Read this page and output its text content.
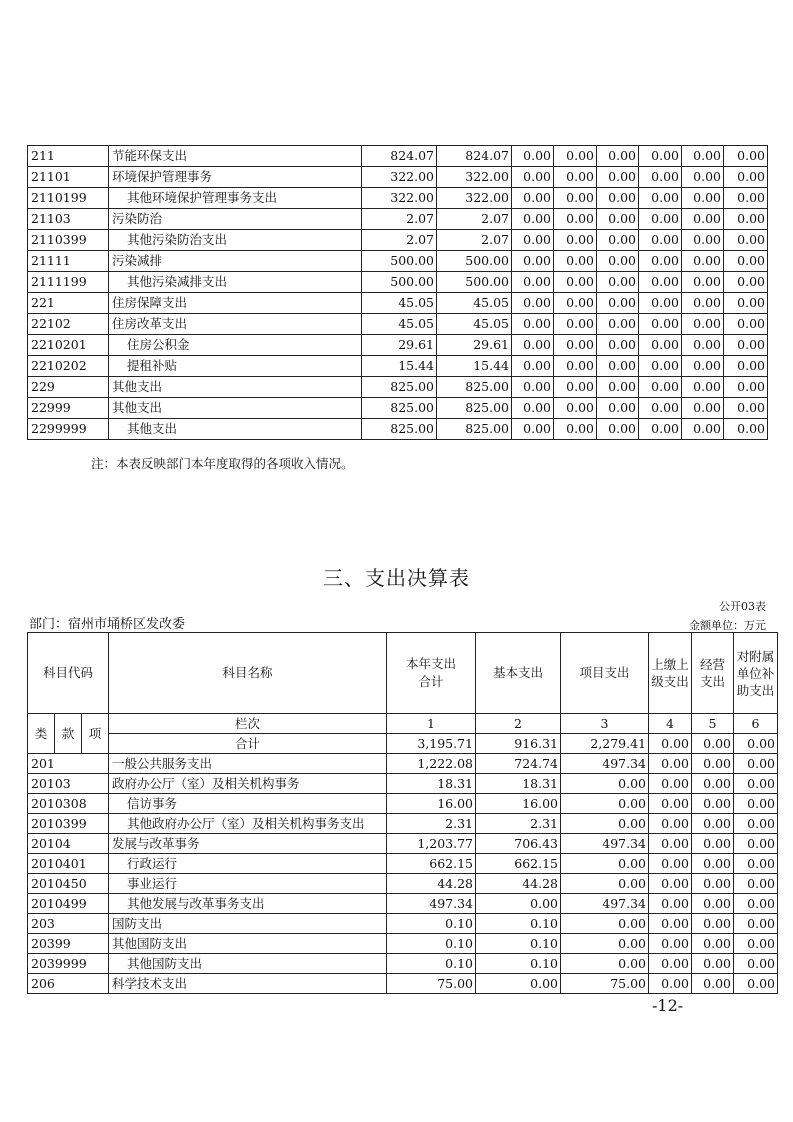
211	节能环保支出	824.07	824.07	0.00	0.00	0.00	0.00	0.00	0.00
21101	环境保护管理事务	322.00	322.00	0.00	0.00	0.00	0.00	0.00	0.00
2110199	其他环境保护管理事务支出	322.00	322.00	0.00	0.00	0.00	0.00	0.00	0.00
21103	污染防治	2.07	2.07	0.00	0.00	0.00	0.00	0.00	0.00
2110399	其他污染防治支出	2.07	2.07	0.00	0.00	0.00	0.00	0.00	0.00
21111	污染减排	500.00	500.00	0.00	0.00	0.00	0.00	0.00	0.00
2111199	其他污染减排支出	500.00	500.00	0.00	0.00	0.00	0.00	0.00	0.00
221	住房保障支出	45.05	45.05	0.00	0.00	0.00	0.00	0.00	0.00
22102	住房改革支出	45.05	45.05	0.00	0.00	0.00	0.00	0.00	0.00
2210201	住房公积金	29.61	29.61	0.00	0.00	0.00	0.00	0.00	0.00
2210202	提租补贴	15.44	15.44	0.00	0.00	0.00	0.00	0.00	0.00
229	其他支出	825.00	825.00	0.00	0.00	0.00	0.00	0.00	0.00
22999	其他支出	825.00	825.00	0.00	0.00	0.00	0.00	0.00	0.00
2299999	其他支出	825.00	825.00	0.00	0.00	0.00	0.00	0.00	0.00
注：本表反映部门本年度取得的各项收入情况。
三、支出决算表
公开03表
部门：宿州市埇桥区发改委	金额单位：万元
科目代码			科目名称	本年支出合计	基本支出	项目支出	上缴上级支出	经营支出	对附属单位补助支出
类	款	项	栏次	1	2	3	4	5	6
			合计	3,195.71	916.31	2,279.41	0.00	0.00	0.00
201			一般公共服务支出	1,222.08	724.74	497.34	0.00	0.00	0.00
20103			政府办公厅（室）及相关机构事务	18.31	18.31	0.00	0.00	0.00	0.00
2010308			信访事务	16.00	16.00	0.00	0.00	0.00	0.00
2010399			其他政府办公厅（室）及相关机构事务支出	2.31	2.31	0.00	0.00	0.00	0.00
20104			发展与改革事务	1,203.77	706.43	497.34	0.00	0.00	0.00
2010401			行政运行	662.15	662.15	0.00	0.00	0.00	0.00
2010450			事业运行	44.28	44.28	0.00	0.00	0.00	0.00
2010499			其他发展与改革事务支出	497.34	0.00	497.34	0.00	0.00	0.00
203			国防支出	0.10	0.10	0.00	0.00	0.00	0.00
20399			其他国防支出	0.10	0.10	0.00	0.00	0.00	0.00
2039999			其他国防支出	0.10	0.10	0.00	0.00	0.00	0.00
206			科学技术支出	75.00	0.00	75.00	0.00	0.00	0.00
-12-
